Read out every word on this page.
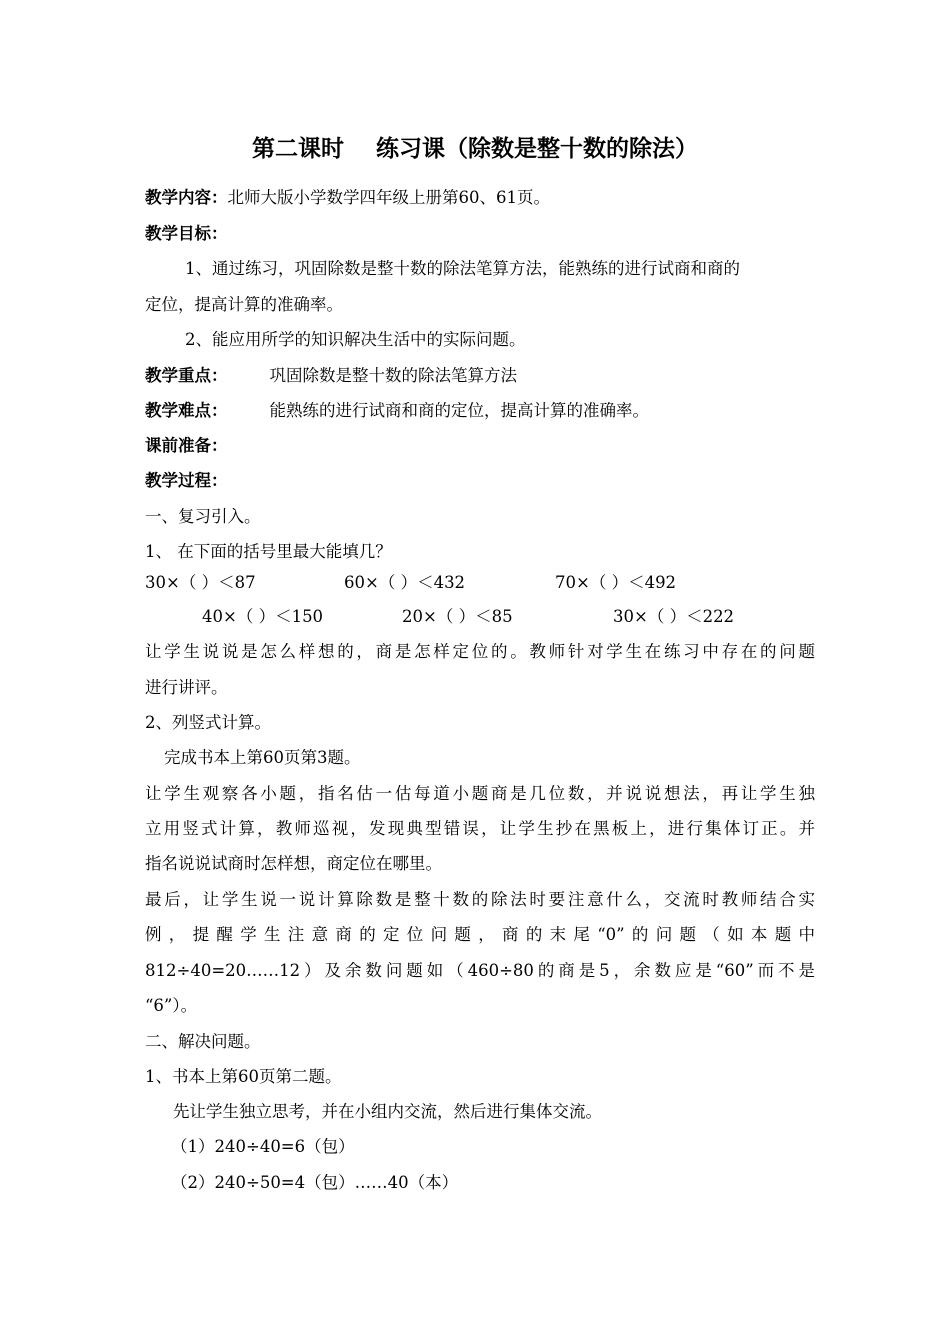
第二课时    练习课（除数是整十数的除法）
教学内容：北师大版小学数学四年级上册第60、61页。
教学目标：
1、通过练习，巩固除数是整十数的除法笔算方法，能熟练的进行试商和商的
定位，提高计算的准确率。
2、能应用所学的知识解决生活中的实际问题。
教学重点：	巩固除数是整十数的除法笔算方法
教学难点：	能熟练的进行试商和商的定位，提高计算的准确率。
课前准备：
教学过程：
一、复习引入。
1、 在下面的括号里最大能填几？
30×（ ）＜87	60×（ ）＜432	70×（ ）＜492
40×（ ）＜150	20×（ ）＜85	30×（ ）＜222
让学生说说是怎么样想的，商是怎样定位的。教师针对学生在练习中存在的问题
进行讲评。
2、列竖式计算。
完成书本上第60页第3题。
让学生观察各小题，指名估一估每道小题商是几位数，并说说想法，再让学生独
立用竖式计算，教师巡视，发现典型错误，让学生抄在黑板上，进行集体订正。并
指名说说试商时怎样想，商定位在哪里。
最后，让学生说一说计算除数是整十数的除法时要注意什么，交流时教师结合实
例，提醒学生注意商的定位问题，商的末尾“0”的问题（如本题中
812÷40=20……12）及余数问题如（460÷80的商是5，余数应是“60”而不是
“6”）。
二、解决问题。
1、书本上第60页第二题。
先让学生独立思考，并在小组内交流，然后进行集体交流。
（1）240÷40=6（包）
（2）240÷50=4（包）……40（本）
